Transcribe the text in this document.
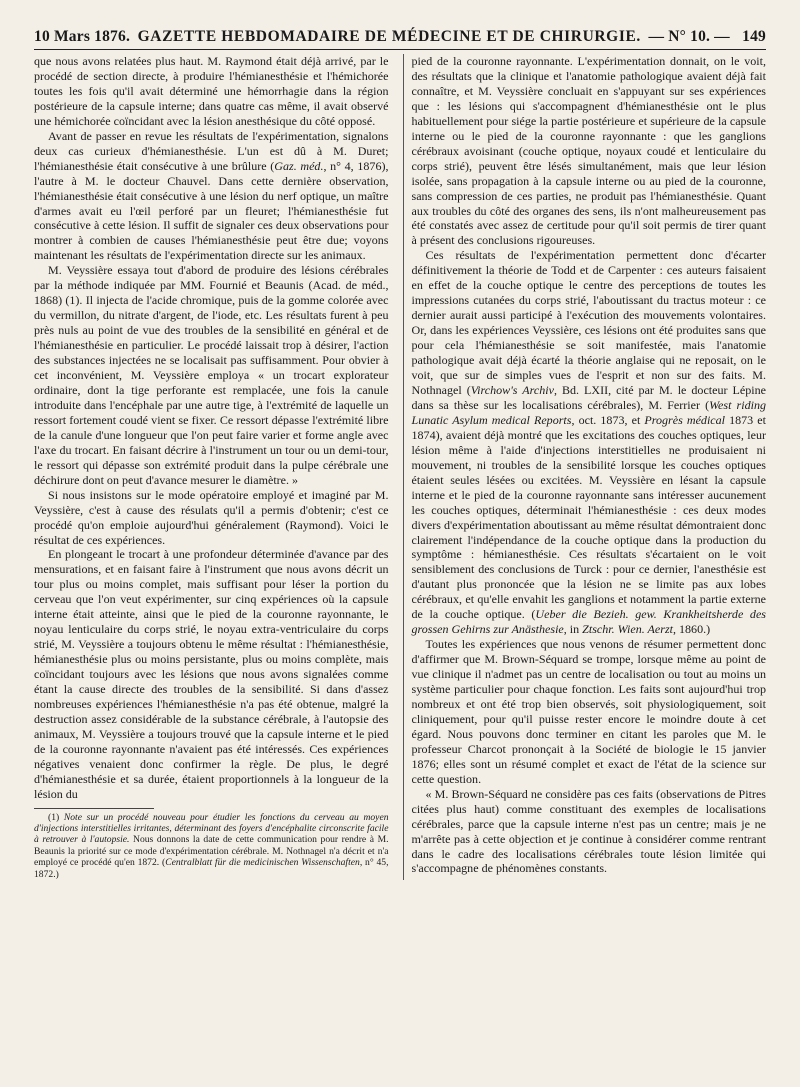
10 Mars 1876. GAZETTE HEBDOMADAIRE DE MÉDECINE ET DE CHIRURGIE. — N° 10. — 149

que nous avons relatées plus haut. M. Raymond était déjà arrivé, par le procédé de section directe, à produire l'hémianesthésie et l'hémichorée toutes les fois qu'il avait déterminé une hémorrhagie dans la région postérieure de la capsule interne; dans quatre cas même, il avait observé une hémichorée coïncidant avec la lésion anesthésique du côté opposé.

Avant de passer en revue les résultats de l'expérimentation, signalons deux cas curieux d'hémianesthésie. L'un est dû à M. Duret; l'hémianesthésie était consécutive à une brûlure (Gaz. méd., n° 4, 1876), l'autre à M. le docteur Chauvel. Dans cette dernière observation, l'hémianesthésie était consécutive à une lésion du nerf optique, un maître d'armes avait eu l'œil perforé par un fleuret; l'hémianesthésie fut consécutive à cette lésion. Il suffit de signaler ces deux observations pour montrer à combien de causes l'hémianesthésie peut être due; voyons maintenant les résultats de l'expérimentation directe sur les animaux.

M. Veyssière essaya tout d'abord de produire des lésions cérébrales par la méthode indiquée par MM. Fournié et Beaunis (Acad. de méd., 1868) (1). Il injecta de l'acide chromique, puis de la gomme colorée avec du vermillon, du nitrate d'argent, de l'iode, etc. Les résultats furent à peu près nuls au point de vue des troubles de la sensibilité en général et de l'hémianesthésie en particulier. Le procédé laissait trop à désirer, l'action des substances injectées ne se localisait pas suffisamment. Pour obvier à cet inconvénient, M. Veyssière employa « un trocart explorateur ordinaire, dont la tige perforante est remplacée, une fois la canule introduite dans l'encéphale par une autre tige, à l'extrémité de laquelle un ressort fortement coudé vient se fixer. Ce ressort dépasse l'extrémité libre de la canule d'une longueur que l'on peut faire varier et forme angle avec l'axe du trocart. En faisant décrire à l'instrument un tour ou un demi-tour, le ressort qui dépasse son extrémité produit dans la pulpe cérébrale une déchirure dont on peut d'avance mesurer le diamètre. »

Si nous insistons sur le mode opératoire employé et imaginé par M. Veyssière, c'est à cause des résulats qu'il a permis d'obtenir; c'est ce procédé qu'on emploie aujourd'hui généralement (Raymond). Voici le résultat de ces expériences.

En plongeant le trocart à une profondeur déterminée d'avance par des mensurations, et en faisant faire à l'instrument que nous avons décrit un tour plus ou moins complet, mais suffisant pour léser la portion du cerveau que l'on veut expérimenter, sur cinq expériences où la capsule interne était atteinte, ainsi que le pied de la couronne rayonnante, le noyau lenticulaire du corps strié, le noyau extra-ventriculaire du corps strié, M. Veyssière a toujours obtenu le même résultat : l'hémianesthésie, hémianesthésie plus ou moins persistante, plus ou moins complète, mais coïncidant toujours avec les lésions que nous avons signalées comme étant la cause directe des troubles de la sensibilité. Si dans d'assez nombreuses expériences l'hémianesthésie n'a pas été obtenue, malgré la destruction assez considérable de la substance cérébrale, à l'autopsie des animaux, M. Veyssière a toujours trouvé que la capsule interne et le pied de la couronne rayonnante n'avaient pas été intéressés. Ces expériences négatives venaient donc confirmer la règle. De plus, le degré d'hémianesthésie et sa durée, étaient proportionnels à la longueur de la lésion du

(1) Note sur un procédé nouveau pour étudier les fonctions du cerveau au moyen d'injections interstitielles irritantes, déterminant des foyers d'encéphalite circonscrite facile à retrouver à l'autopsie. Nous donnons la date de cette communication pour rendre à M. Beaunis la priorité sur ce mode d'expérimentation cérébrale. M. Nothnagel n'a décrit et n'a employé ce procédé qu'en 1872. (Centralblatt für die medicinischen Wissenschaften, n° 45, 1872.)

pied de la couronne rayonnante. L'expérimentation donnait, on le voit, des résultats que la clinique et l'anatomie pathologique avaient déjà fait connaître, et M. Veyssière concluait en s'appuyant sur ses expériences que : les lésions qui s'accompagnent d'hémianesthésie ont le plus habituellement pour siége la partie postérieure et supérieure de la capsule interne ou le pied de la couronne rayonnante : que les ganglions cérébraux avoisinant (couche optique, noyaux coudé et lenticulaire du corps strié), peuvent être lésés simultanément, mais que leur lésion isolée, sans propagation à la capsule interne ou au pied de la couronne, sans compression de ces parties, ne produit pas l'hémianesthésie. Quant aux troubles du côté des organes des sens, ils n'ont malheureusement pas été constatés avec assez de certitude pour qu'il soit permis de tirer quant à présent des conclusions rigoureuses.

Ces résultats de l'expérimentation permettent donc d'écarter définitivement la théorie de Todd et de Carpenter : ces auteurs faisaient en effet de la couche optique le centre des perceptions de toutes les impressions cutanées du corps strié, l'aboutissant du tractus moteur : ce dernier aurait aussi participé à l'exécution des mouvements volontaires. Or, dans les expériences Veyssière, ces lésions ont été produites sans que pour cela l'hémianesthésie se soit manifestée, mais l'anatomie pathologique avait déjà écarté la théorie anglaise qui ne reposait, on le voit, que sur de simples vues de l'esprit et non sur des faits. M. Nothnagel (Virchow's Archiv, Bd. LXII, cité par M. le docteur Lépine dans sa thèse sur les localisations cérébrales), M. Ferrier (West riding Lunatic Asylum medical Reports, oct. 1873, et Progrès médical 1873 et 1874), avaient déjà montré que les excitations des couches optiques, leur lésion même à l'aide d'injections interstitielles ne produisaient ni mouvement, ni troubles de la sensibilité lorsque les couches optiques étaient seules lésées ou excitées. M. Veyssière en lésant la capsule interne et le pied de la couronne rayonnante sans intéresser aucunement les couches optiques, déterminait l'hémianesthésie : ces deux modes divers d'expérimentation aboutissant au même résultat démontraient donc clairement l'indépendance de la couche optique dans la production du symptôme : hémianesthésie. Ces résultats s'écartaient on le voit sensiblement des conclusions de Turck : pour ce dernier, l'anesthésie est d'autant plus prononcée que la lésion ne se limite pas aux lobes cérébraux, et qu'elle envahit les ganglions et notamment la partie externe de la couche optique. (Ueber die Bezieh. gew. Krankheitsherde des grossen Gehirns zur Anästhesie, in Ztschr. Wien. Aerzt, 1860.)

Toutes les expériences que nous venons de résumer permettent donc d'affirmer que M. Brown-Séquard se trompe, lorsque même au point de vue clinique il n'admet pas un centre de localisation ou tout au moins un système particulier pour chaque fonction. Les faits sont aujourd'hui trop nombreux et ont été trop bien observés, soit physiologiquement, soit cliniquement, pour qu'il puisse rester encore le moindre doute à cet égard. Nous pouvons donc terminer en citant les paroles que M. le professeur Charcot prononçait à la Société de biologie le 15 janvier 1876; elles sont un résumé complet et exact de l'état de la science sur cette question.

« M. Brown-Séquard ne considère pas ces faits (observations de Pitres citées plus haut) comme constituant des exemples de localisations cérébrales, parce que la capsule interne n'est pas un centre; mais je ne m'arrête pas à cette objection et je continue à considérer comme rentrant dans le cadre des localisations cérébrales toute lésion limitée qui s'accompagne de phénomènes constants.
